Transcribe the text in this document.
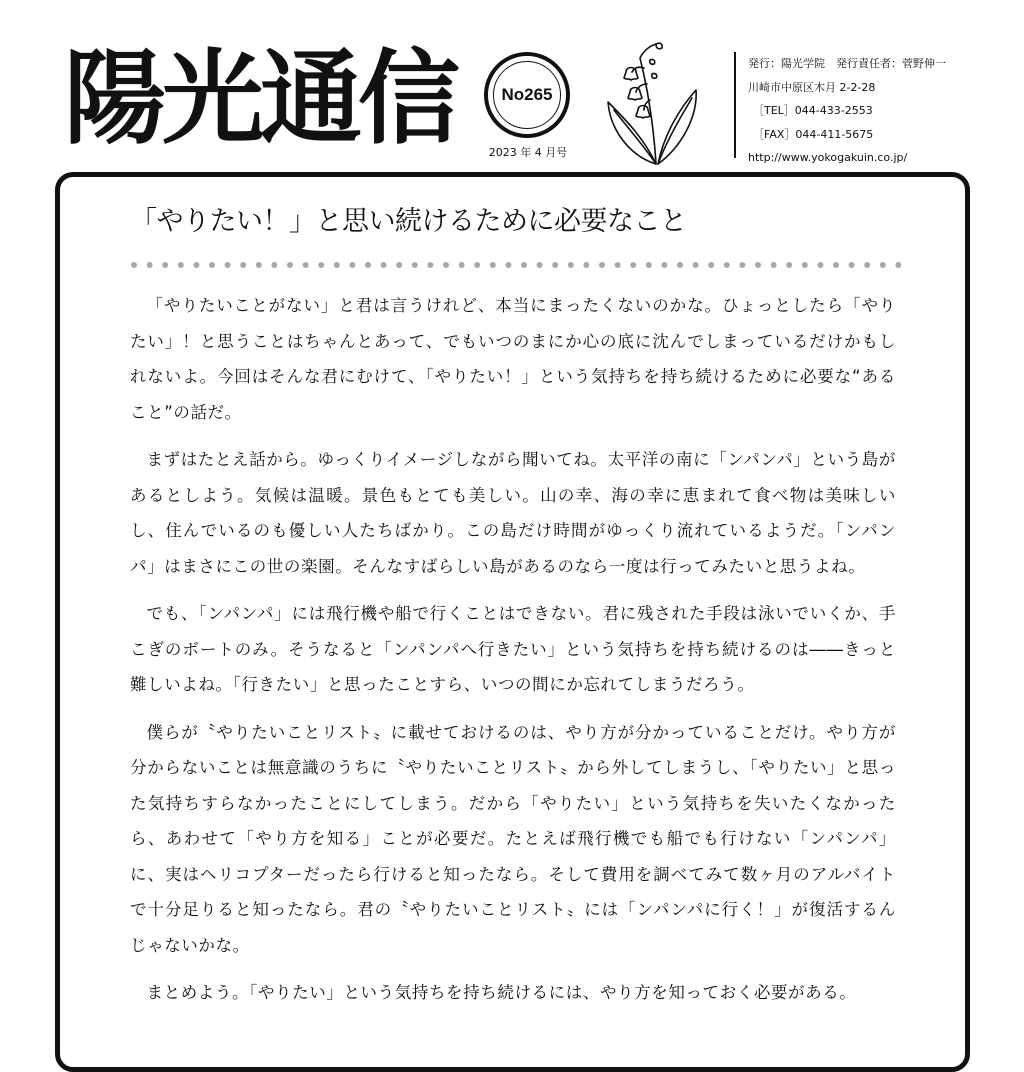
陽光通信	No265
2023 年 4 月号
発行：陽光学院　発行責任者：菅野伸一
川崎市中原区木月 2-2-28
［TEL］044-433-2553
［FAX］044-411-5675
http://www.yokogakuin.co.jp/
「やりたい！」と思い続けるために必要なこと

「やりたいことがない」と君は言うけれど、本当にまったくないのかな。ひょっとしたら「やりたい」！と思うことはちゃんとあって、でもいつのまにか心の底に沈んでしまっているだけかもしれないよ。今回はそんな君にむけて、「やりたい！」という気持ちを持ち続けるために必要な“あること”の話だ。

まずはたとえ話から。ゆっくりイメージしながら聞いてね。太平洋の南に「ンパンパ」という島があるとしよう。気候は温暖。景色もとても美しい。山の幸、海の幸に恵まれて食べ物は美味しいし、住んでいるのも優しい人たちばかり。この島だけ時間がゆっくり流れているようだ。「ンパンパ」はまさにこの世の楽園。そんなすばらしい島があるのなら一度は行ってみたいと思うよね。

でも、「ンパンパ」には飛行機や船で行くことはできない。君に残された手段は泳いでいくか、手こぎのボートのみ。そうなると「ンパンパへ行きたい」という気持ちを持ち続けるのは――きっと難しいよね。「行きたい」と思ったことすら、いつの間にか忘れてしまうだろう。

僕らが〝やりたいことリスト〟に載せておけるのは、やり方が分かっていることだけ。やり方が分からないことは無意識のうちに〝やりたいことリスト〟から外してしまうし、「やりたい」と思った気持ちすらなかったことにしてしまう。だから「やりたい」という気持ちを失いたくなかったら、あわせて「やり方を知る」ことが必要だ。たとえば飛行機でも船でも行けない「ンパンパ」に、実はヘリコプターだったら行けると知ったなら。そして費用を調べてみて数ヶ月のアルバイトで十分足りると知ったなら。君の〝やりたいことリスト〟には「ンパンパに行く！」が復活するんじゃないかな。

まとめよう。「やりたい」という気持ちを持ち続けるには、やり方を知っておく必要がある。
